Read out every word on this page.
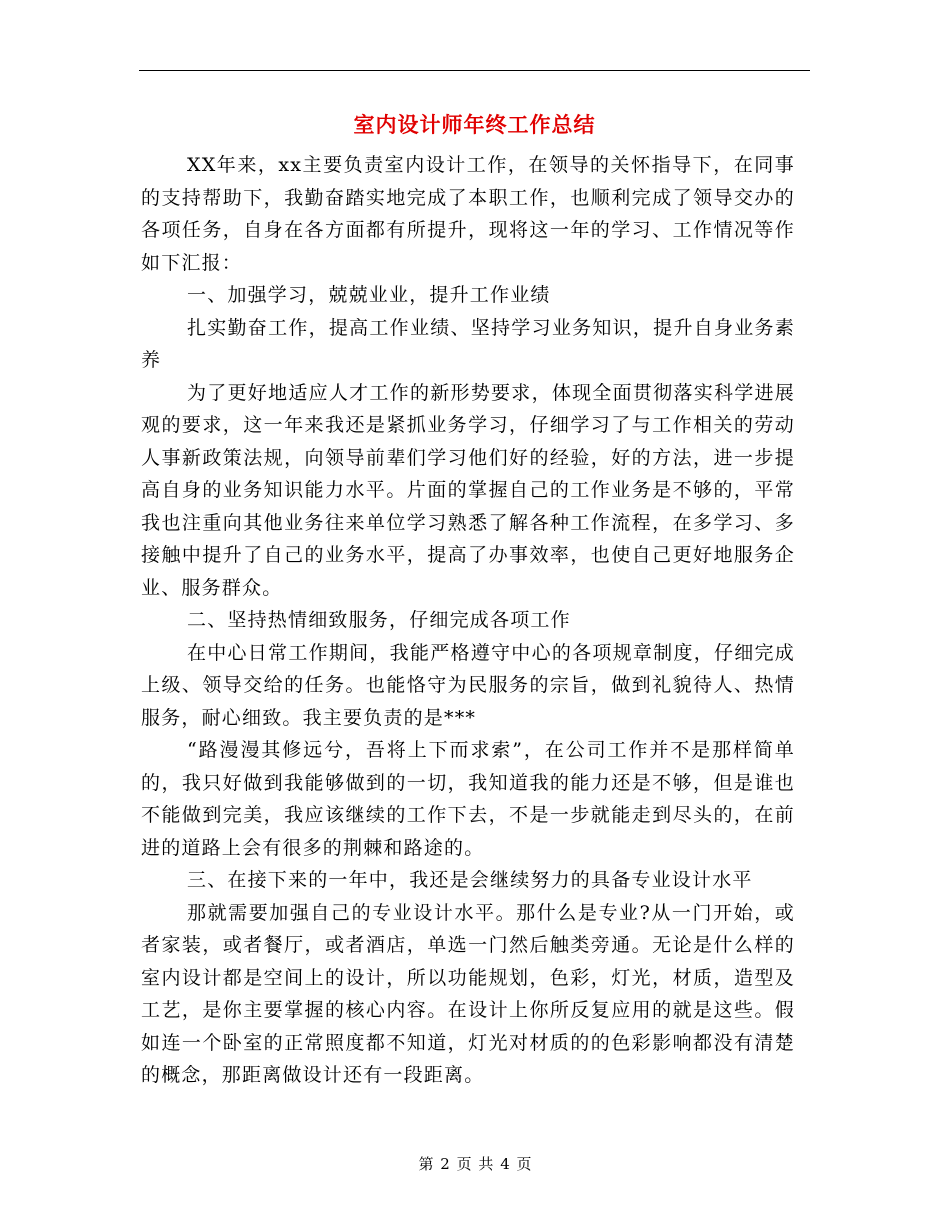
室内设计师年终工作总结

XX年来，xx主要负责室内设计工作，在领导的关怀指导下，在同事的支持帮助下，我勤奋踏实地完成了本职工作，也顺利完成了领导交办的各项任务，自身在各方面都有所提升，现将这一年的学习、工作情况等作如下汇报：

一、加强学习，兢兢业业，提升工作业绩

扎实勤奋工作，提高工作业绩、坚持学习业务知识，提升自身业务素养

为了更好地适应人才工作的新形势要求，体现全面贯彻落实科学进展观的要求，这一年来我还是紧抓业务学习，仔细学习了与工作相关的劳动人事新政策法规，向领导前辈们学习他们好的经验，好的方法，进一步提高自身的业务知识能力水平。片面的掌握自己的工作业务是不够的，平常我也注重向其他业务往来单位学习熟悉了解各种工作流程，在多学习、多接触中提升了自己的业务水平，提高了办事效率，也使自己更好地服务企业、服务群众。

二、坚持热情细致服务，仔细完成各项工作

在中心日常工作期间，我能严格遵守中心的各项规章制度，仔细完成上级、领导交给的任务。也能恪守为民服务的宗旨，做到礼貌待人、热情服务，耐心细致。我主要负责的是***

“路漫漫其修远兮，吾将上下而求索”，在公司工作并不是那样简单的，我只好做到我能够做到的一切，我知道我的能力还是不够，但是谁也不能做到完美，我应该继续的工作下去，不是一步就能走到尽头的，在前进的道路上会有很多的荆棘和路途的。

三、在接下来的一年中，我还是会继续努力的具备专业设计水平

那就需要加强自己的专业设计水平。那什么是专业?从一门开始，或者家装，或者餐厅，或者酒店，单选一门然后触类旁通。无论是什么样的室内设计都是空间上的设计，所以功能规划，色彩，灯光，材质，造型及工艺，是你主要掌握的核心内容。在设计上你所反复应用的就是这些。假如连一个卧室的正常照度都不知道，灯光对材质的的色彩影响都没有清楚的概念，那距离做设计还有一段距离。

第 2 页 共 4 页
